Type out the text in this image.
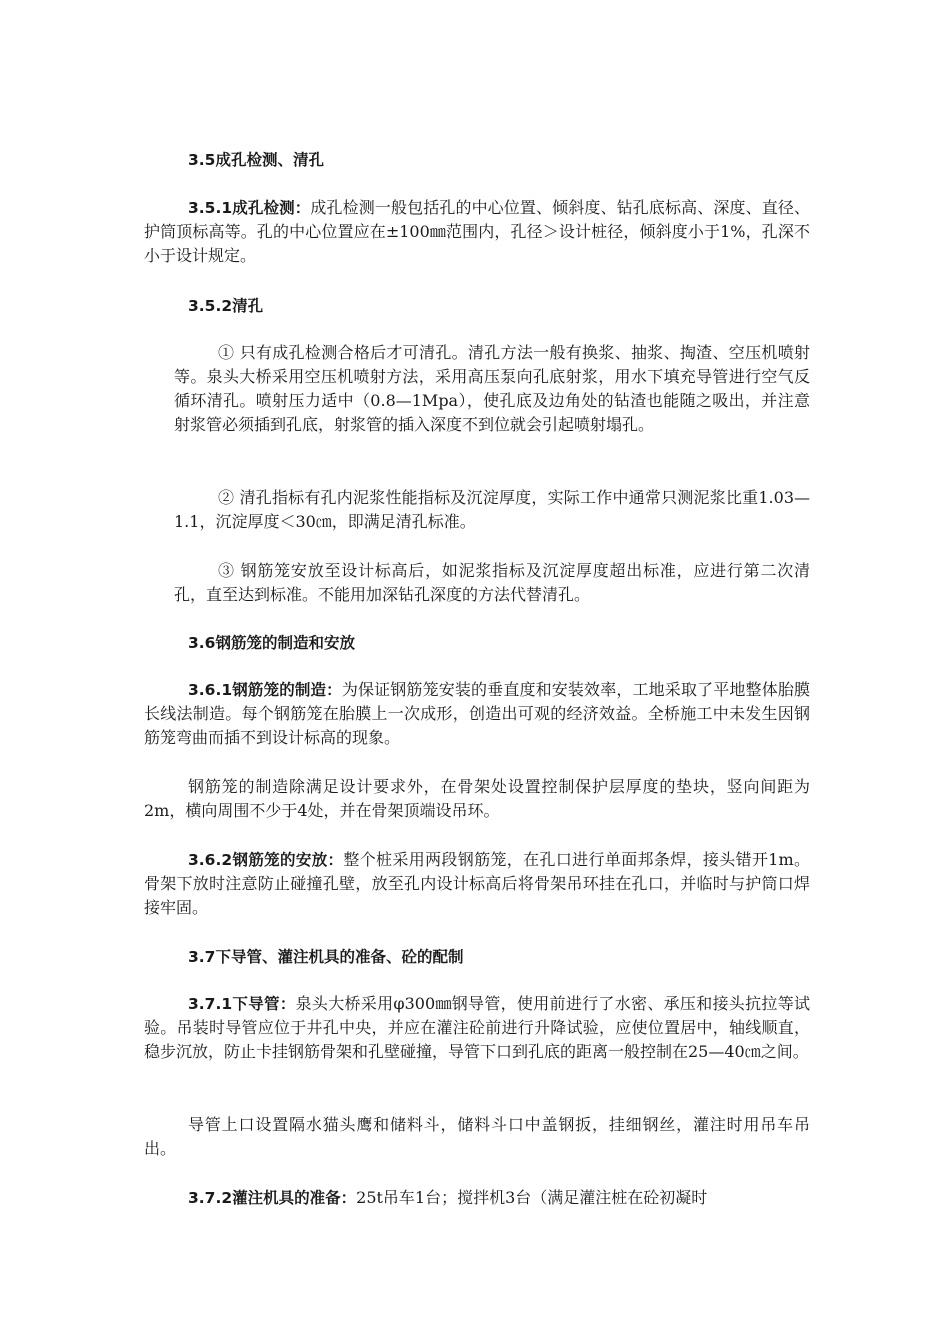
3.5成孔检测、清孔

3.5.1成孔检测：成孔检测一般包括孔的中心位置、倾斜度、钻孔底标高、深度、直径、护筒顶标高等。孔的中心位置应在±100㎜范围内，孔径＞设计桩径，倾斜度小于1%，孔深不小于设计规定。

3.5.2清孔

① 只有成孔检测合格后才可清孔。清孔方法一般有换浆、抽浆、掏渣、空压机喷射等。泉头大桥采用空压机喷射方法，采用高压泵向孔底射浆，用水下填充导管进行空气反循环清孔。喷射压力适中（0.8—1Mpa），使孔底及边角处的钻渣也能随之吸出，并注意射浆管必须插到孔底，射浆管的插入深度不到位就会引起喷射塌孔。

② 清孔指标有孔内泥浆性能指标及沉淀厚度，实际工作中通常只测泥浆比重1.03—1.1，沉淀厚度＜30㎝，即满足清孔标准。

③ 钢筋笼安放至设计标高后，如泥浆指标及沉淀厚度超出标准，应进行第二次清孔，直至达到标准。不能用加深钻孔深度的方法代替清孔。

3.6钢筋笼的制造和安放

3.6.1钢筋笼的制造：为保证钢筋笼安装的垂直度和安装效率，工地采取了平地整体胎膜长线法制造。每个钢筋笼在胎膜上一次成形，创造出可观的经济效益。全桥施工中未发生因钢筋笼弯曲而插不到设计标高的现象。

钢筋笼的制造除满足设计要求外，在骨架处设置控制保护层厚度的垫块，竖向间距为2m，横向周围不少于4处，并在骨架顶端设吊环。

3.6.2钢筋笼的安放：整个桩采用两段钢筋笼，在孔口进行单面邦条焊，接头错开1m。骨架下放时注意防止碰撞孔壁，放至孔内设计标高后将骨架吊环挂在孔口，并临时与护筒口焊接牢固。

3.7下导管、灌注机具的准备、砼的配制

3.7.1下导管：泉头大桥采用φ300㎜钢导管，使用前进行了水密、承压和接头抗拉等试验。吊装时导管应位于井孔中央，并应在灌注砼前进行升降试验，应使位置居中，轴线顺直，稳步沉放，防止卡挂钢筋骨架和孔壁碰撞，导管下口到孔底的距离一般控制在25—40㎝之间。

导管上口设置隔水猫头鹰和储料斗，储料斗口中盖钢扳，挂细钢丝，灌注时用吊车吊出。

3.7.2灌注机具的准备：25t吊车1台；搅拌机3台（满足灌注桩在砼初凝时
